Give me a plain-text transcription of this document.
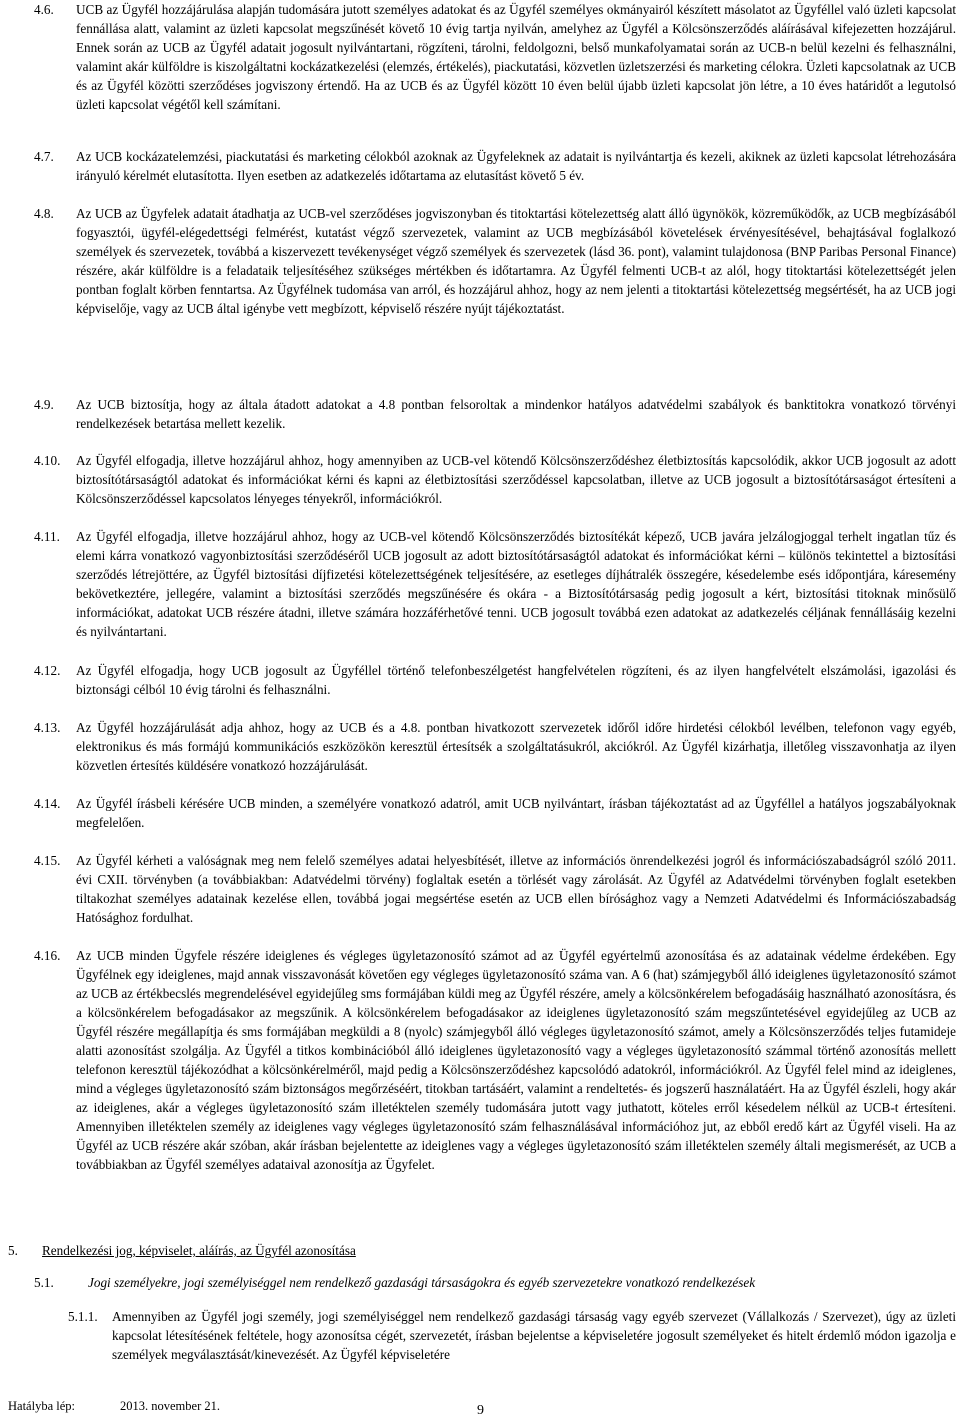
4.6. UCB az Ügyfél hozzájárulása alapján tudomására jutott személyes adatokat és az Ügyfél személyes okmányairól készített másolatot az Ügyféllel való üzleti kapcsolat fennállása alatt, valamint az üzleti kapcsolat megszűnését követő 10 évig tartja nyilván, amelyhez az Ügyfél a Kölcsönszerződés aláírásával kifejezetten hozzájárul. Ennek során az UCB az Ügyfél adatait jogosult nyilvántartani, rögzíteni, tárolni, feldolgozni, belső munkafolyamatai során az UCB-n belül kezelni és felhasználni, valamint akár külföldre is kiszolgáltatni kockázatkezelési (elemzés, értékelés), piackutatási, közvetlen üzletszerzési és marketing célokra. Üzleti kapcsolatnak az UCB és az Ügyfél közötti szerződéses jogviszony értendő. Ha az UCB és az Ügyfél között 10 éven belül újabb üzleti kapcsolat jön létre, a 10 éves határidőt a legutolsó üzleti kapcsolat végétől kell számítani.
4.7. Az UCB kockázatelemzési, piackutatási és marketing célokból azoknak az Ügyfeleknek az adatait is nyilvántartja és kezeli, akiknek az üzleti kapcsolat létrehozására irányuló kérelmét elutasította. Ilyen esetben az adatkezelés időtartama az elutasítást követő 5 év.
4.8. Az UCB az Ügyfelek adatait átadhatja az UCB-vel szerződéses jogviszonyban és titoktartási kötelezettség alatt álló ügynökök, közreműködők, az UCB megbízásából fogyasztói, ügyfél-elégedettségi felmérést, kutatást végző szervezetek, valamint az UCB megbízásából követelések érvényesítésével, behajtásával foglalkozó személyek és szervezetek, továbbá a kiszervezett tevékenységet végző személyek és szervezetek (lásd 36. pont), valamint tulajdonosa (BNP Paribas Personal Finance) részére, akár külföldre is a feladataik teljesítéséhez szükséges mértékben és időtartamra. Az Ügyfél felmenti UCB-t az alól, hogy titoktartási kötelezettségét jelen pontban foglalt körben fenntartsa. Az Ügyfélnek tudomása van arról, és hozzájárul ahhoz, hogy az nem jelenti a titoktartási kötelezettség megsértését, ha az UCB jogi képviselője, vagy az UCB által igénybe vett megbízott, képviselő részére nyújt tájékoztatást.
4.9. Az UCB biztosítja, hogy az általa átadott adatokat a 4.8 pontban felsoroltak a mindenkor hatályos adatvédelmi szabályok és banktitokra vonatkozó törvényi rendelkezések betartása mellett kezelik.
4.10. Az Ügyfél elfogadja, illetve hozzájárul ahhoz, hogy amennyiben az UCB-vel kötendő Kölcsönszerződéshez életbiztosítás kapcsolódik, akkor UCB jogosult az adott biztosítótársaságtól adatokat és információkat kérni és kapni az életbiztosítási szerződéssel kapcsolatban, illetve az UCB jogosult a biztosítótársaságot értesíteni a Kölcsönszerződéssel kapcsolatos lényeges tényekről, információkról.
4.11. Az Ügyfél elfogadja, illetve hozzájárul ahhoz, hogy az UCB-vel kötendő Kölcsönszerződés biztosítékát képező, UCB javára jelzálogjoggal terhelt ingatlan tűz és elemi kárra vonatkozó vagyonbiztosítási szerződéséről UCB jogosult az adott biztosítótársaságtól adatokat és információkat kérni – különös tekintettel a biztosítási szerződés létrejöttére, az Ügyfél biztosítási díjfizetési kötelezettségének teljesítésére, az esetleges díjhátralék összegére, késedelembe esés időpontjára, káresemény bekövetkeztére, jellegére, valamint a biztosítási szerződés megszűnésére és okára - a Biztosítótársaság pedig jogosult a kért, biztosítási titoknak minősülő információkat, adatokat UCB részére átadni, illetve számára hozzáférhetővé tenni. UCB jogosult továbbá ezen adatokat az adatkezelés céljának fennállásáig kezelni és nyilvántartani.
4.12. Az Ügyfél elfogadja, hogy UCB jogosult az Ügyféllel történő telefonbeszélgetést hangfelvételen rögzíteni, és az ilyen hangfelvételt elszámolási, igazolási és biztonsági célból 10 évig tárolni és felhasználni.
4.13. Az Ügyfél hozzájárulását adja ahhoz, hogy az UCB és a 4.8. pontban hivatkozott szervezetek időről időre hirdetési célokból levélben, telefonon vagy egyéb, elektronikus és más formájú kommunikációs eszközökön keresztül értesítsék a szolgáltatásukról, akciókról. Az Ügyfél kizárhatja, illetőleg visszavonhatja az ilyen közvetlen értesítés küldésére vonatkozó hozzájárulását.
4.14. Az Ügyfél írásbeli kérésére UCB minden, a személyére vonatkozó adatról, amit UCB nyilvántart, írásban tájékoztatást ad az Ügyféllel a hatályos jogszabályoknak megfelelően.
4.15. Az Ügyfél kérheti a valóságnak meg nem felelő személyes adatai helyesbítését, illetve az információs önrendelkezési jogról és információszabadságról szóló 2011. évi CXII. törvényben (a továbbiakban: Adatvédelmi törvény) foglaltak esetén a törlését vagy zárolását. Az Ügyfél az Adatvédelmi törvényben foglalt esetekben tiltakozhat személyes adatainak kezelése ellen, továbbá jogai megsértése esetén az UCB ellen bírósághoz vagy a Nemzeti Adatvédelmi és Információszabadság Hatósághoz fordulhat.
4.16. Az UCB minden Ügyfele részére ideiglenes és végleges ügyletazonosító számot ad az Ügyfél egyértelmű azonosítása és az adatainak védelme érdekében. Egy Ügyfélnek egy ideiglenes, majd annak visszavonását követően egy végleges ügyletazonosító száma van. A 6 (hat) számjegyből álló ideiglenes ügyletazonosító számot az UCB az értékbecslés megrendelésével egyidejűleg sms formájában küldi meg az Ügyfél részére, amely a kölcsönkérelem befogadásáig használható azonosításra, és a kölcsönkérelem befogadásakor az megszűnik. A kölcsönkérelem befogadásakor az ideiglenes ügyletazonosító szám megszűntetésével egyidejűleg az UCB az Ügyfél részére megállapítja és sms formájában megküldi a 8 (nyolc) számjegyből álló végleges ügyletazonosító számot, amely a Kölcsönszerződés teljes futamideje alatti azonosítást szolgálja. Az Ügyfél a titkos kombinációból álló ideiglenes ügyletazonosító vagy a végleges ügyletazonosító számmal történő azonosítás mellett telefonon keresztül tájékozódhat a kölcsönkérelméről, majd pedig a Kölcsönszerződéshez kapcsolódó adatokról, információkról. Az Ügyfél felel mind az ideiglenes, mind a végleges ügyletazonosító szám biztonságos megőrzéséért, titokban tartásáért, valamint a rendeltetés- és jogszerű használatáért. Ha az Ügyfél észleli, hogy akár az ideiglenes, akár a végleges ügyletazonosító szám illetéktelen személy tudomására jutott vagy juthatott, köteles erről késedelem nélkül az UCB-t értesíteni. Amennyiben illetéktelen személy az ideiglenes vagy végleges ügyletazonosító szám felhasználásával információhoz jut, az ebből eredő kárt az Ügyfél viseli. Ha az Ügyfél az UCB részére akár szóban, akár írásban bejelentette az ideiglenes vagy a végleges ügyletazonosító szám illetéktelen személy általi megismerését, az UCB a továbbiakban az Ügyfél személyes adataival azonosítja az Ügyfelet.
5. Rendelkezési jog, képviselet, aláírás, az Ügyfél azonosítása
5.1.	Jogi személyekre, jogi személyiséggel nem rendelkező gazdasági társaságokra és egyéb szervezetekre vonatkozó rendelkezések
5.1.1. Amennyiben az Ügyfél jogi személy, jogi személyiséggel nem rendelkező gazdasági társaság vagy egyéb szervezet (Vállalkozás / Szervezet), úgy az üzleti kapcsolat létesítésének feltétele, hogy azonosítsa cégét, szervezetét, írásban bejelentse a képviseletére jogosult személyeket és hitelt érdemlő módon igazolja e személyek megválasztását/kinevezését. Az Ügyfél képviseletére
Hatályba lép:	2013. november 21.	9
